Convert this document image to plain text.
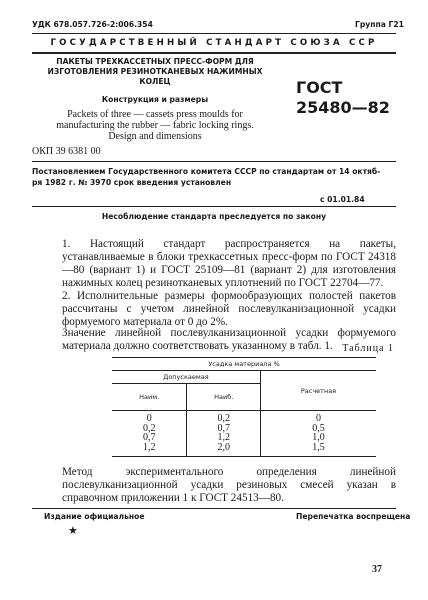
УДК 678.057.726-2:006.354	Группа Г21
ГОСУДАРСТВЕННЫЙ СТАНДАРТ СОЮЗА ССР
ПАКЕТЫ ТРЕХКАССЕТНЫХ ПРЕСС-ФОРМ ДЛЯ
ИЗГОТОВЛЕНИЯ РЕЗИНОТКАНЕВЫХ НАЖИМНЫХ
КОЛЕЦ
Конструкция и размеры
Packets of three — cassets press moulds for
manufacturing the rubber — fabric locking rings.
Design and dimensions
ГОСТ
25480—82
ОКП 39 6381 00
Постановлением Государственного комитета СССР по стандартам от 14 октяб-
ря 1982 г. № 3970 срок введения установлен
с 01.01.84
Несоблюдение стандарта преследуется по закону
1. Настоящий стандарт распространяется на пакеты, устанавливаемые в блоки трехкассетных пресс-форм по ГОСТ 24318—80 (вариант 1) и ГОСТ 25109—81 (вариант 2) для изготовления нажимных колец резинотканевых уплотнений по ГОСТ 22704—77.
2. Исполнительные размеры формообразующих полостей пакетов рассчитаны с учетом линейной послевулканизационной усадки формуемого материала от 0 до 2%.
Значение линейной послевулканизационной усадки формуемого материала должно соответствовать указанному в табл. 1. Таблица 1
Усадка материала %		
Допускаемая		Расчетная
Наим.	Наиб.	
0	0,2	0
0,2	0,7	0,5
0,7	1,2	1,0
1,2	2,0	1,5
Метод экспериментального определения линейной послевулканизационной усадки резиновых смесей указан в справочном приложении 1 к ГОСТ 24513—80.
Издание официальное	Перепечатка воспрещена
★
37
